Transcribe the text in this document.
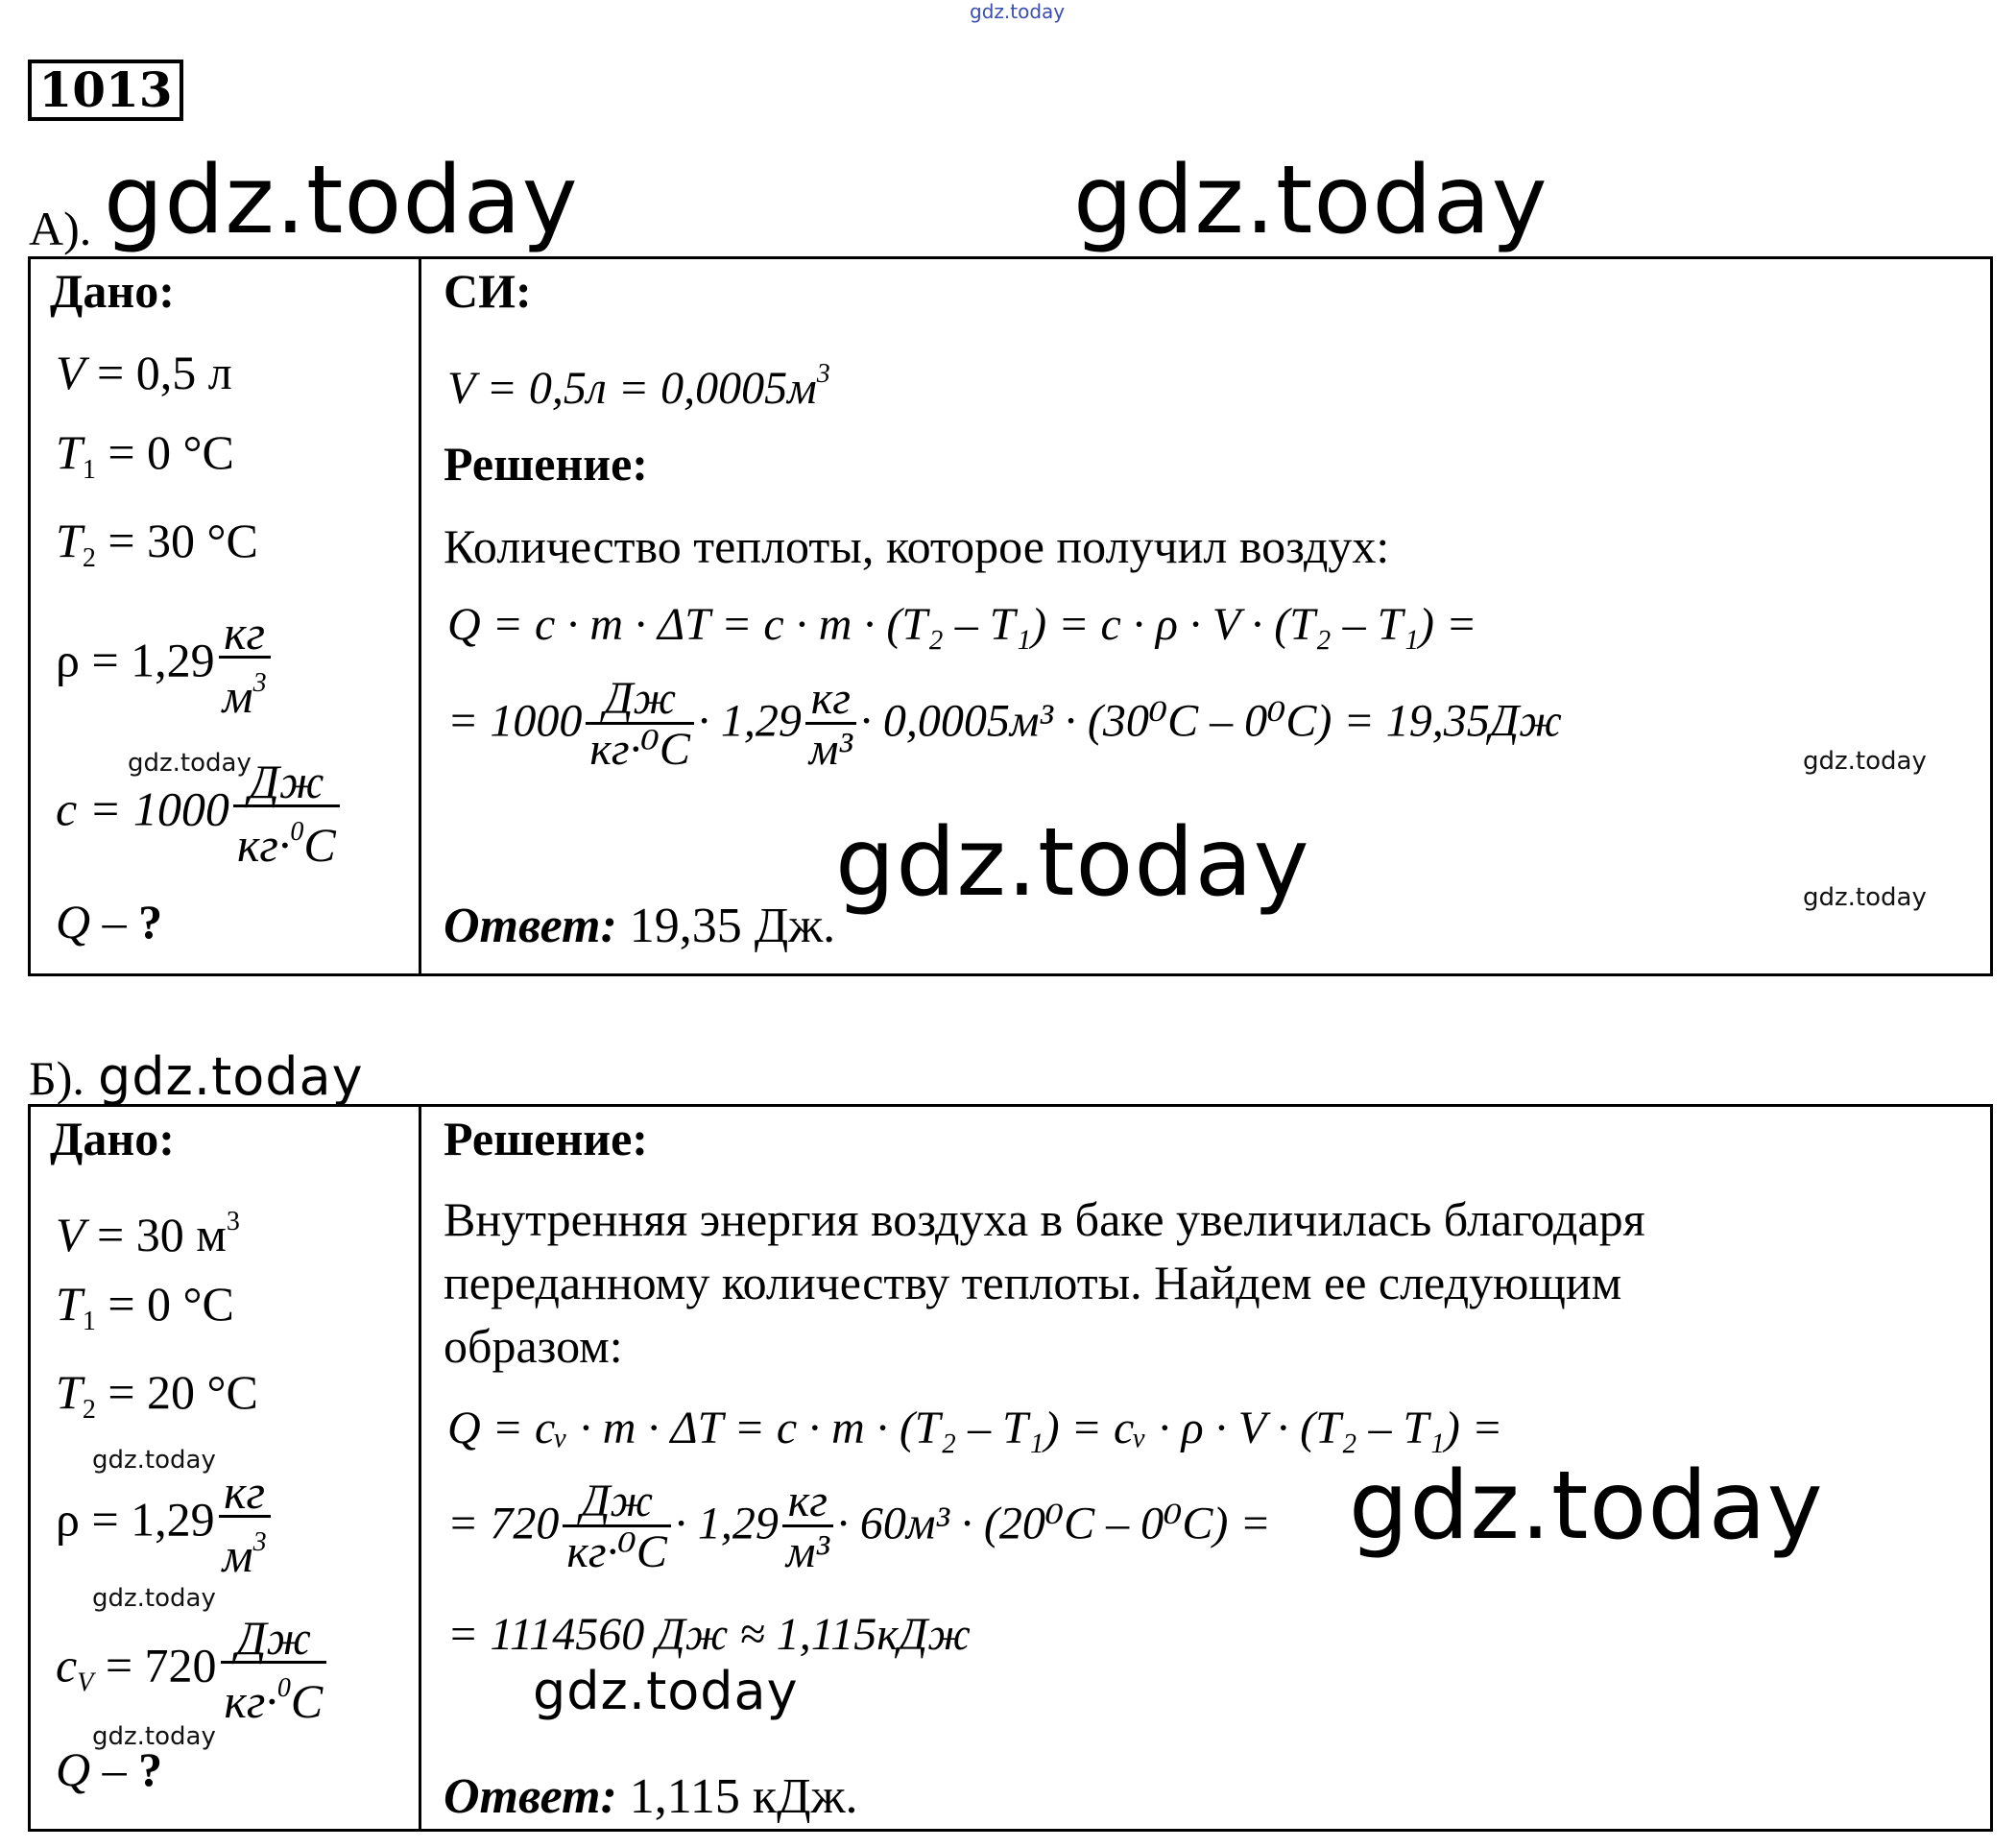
gdz.today
1013
А). gdz.today	gdz.today
Дано:
V = 0,5 л
$T_1 = 0$ °C
$T_2 = 30$ °C
$\rho = 1,29 \frac{кг}{м^3}$
$c = 1000 \frac{Дж}{кг\cdot^0C}$
gdz.today
Q – ?
СИ:
$V = 0,5л = 0,0005м^3$
Решение:
Количество теплоты, которое получил воздух:
Q = c · m · ΔT = c · m · (T₂ – T₁) = c · ρ · V · (T₂ – T₁) =
= $1000 \frac{Дж}{\text{кг·⁰C}} \cdot 1,29 \frac{кг}{\text{м³}} \cdot 0,0005м^3 \cdot (30^0C - 0^0C) = 19,35Дж$
gdz.today
gdz.today	gdz.today
Ответ: 19,35 Дж.
Б). gdz.today
Дано:
V = 30 $м^3$
$T_1 = 0$ °C
$T_2 = 20$ °C
gdz.today
$\rho = 1,29 \frac{кг}{м^3}$
gdz.today
$c_V = 720 \frac{Дж}{кг\cdot^0C}$
gdz.today
Q – ?
Решение:
Внутренняя энергия воздуха в баке увеличилась благодаря
переданному количеству теплоты. Найдем ее следующим
образом:
Q = cᵥ · m · ΔT = c · m · (T₂ – T₁) = cᵥ · ρ · V · (T₂ – T₁) =
= $720 \frac{Дж}{\text{кг·⁰C}} \cdot 1,29 \frac{кг}{\text{м³}} \cdot 60м^3 \cdot (20^0C - 0^0C)$ = gdz.today
= 1114560 Дж ≈ 1,115кДж
gdz.today
Ответ: 1,115 кДж.
